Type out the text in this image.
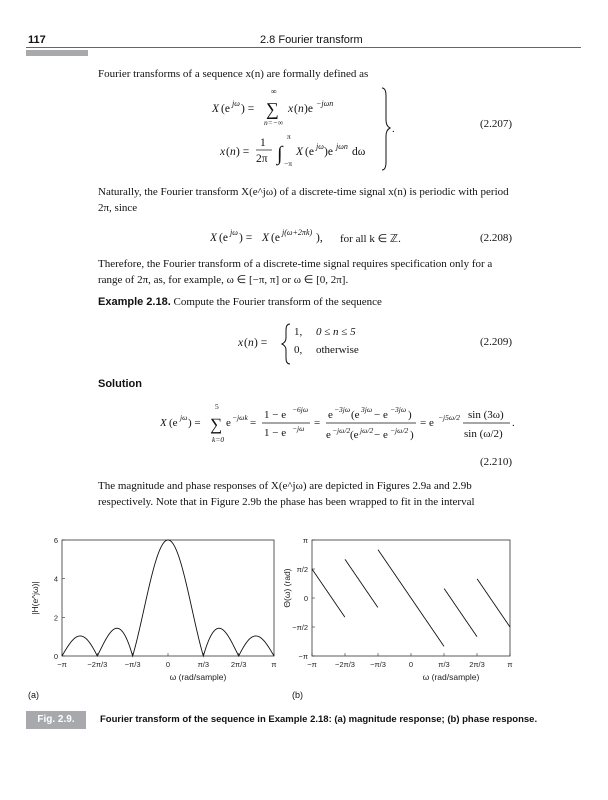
117	2.8 Fourier transform
Fourier transforms of a sequence x(n) are formally defined as
X (e jω ) =
∞
∑
n=−∞
x ( n )e −jωn
x ( n ) =
1
2π ∫
π
−π
X (e jω )e jωn dω
.	(2.207)
Naturally, the Fourier transform X(e^jω) of a discrete-time signal x(n) is periodic with period 2π, since
X (e jω ) = X (e j(ω+2πk) ), for all k ∈ ℤ.	(2.208)
Therefore, the Fourier transform of a discrete-time signal requires specification only for a range of 2π, as, for example, ω ∈ [−π, π] or ω ∈ [0, 2π].
Example 2.18. Compute the Fourier transform of the sequence
x ( n ) =
1, 0 ≤ n ≤ 5
0, otherwise
(2.209)
Solution
X (e jω ) =
5
∑
k=0
e −jωk =
1 − e −6jω
1 − e −jω =
e −3jω (e 3jω − e −3jω )
e −jω/2 (e jω/2 − e −jω/2 )
= e −j5ω/2 sin (3ω)
sin (ω/2)
.
(2.210)
The magnitude and phase responses of X(e^jω) are depicted in Figures 2.9a and 2.9b respectively. Note that in Figure 2.9b the phase has been wrapped to fit in the interval
−π	−2π/3 −π/3	0	π/3	2π/3	π
0
2
4
6
|H(e^jω)|
ω (rad/sample)
(a)
−π −2π/3 −π/3	0	π/3	2π/3	π
−π
−π/2
0
π/2
π
Θ(ω) (rad)
ω (rad/sample)
(b)
Fig. 2.9.	Fourier transform of the sequence in Example 2.18: (a) magnitude response; (b) phase response.
